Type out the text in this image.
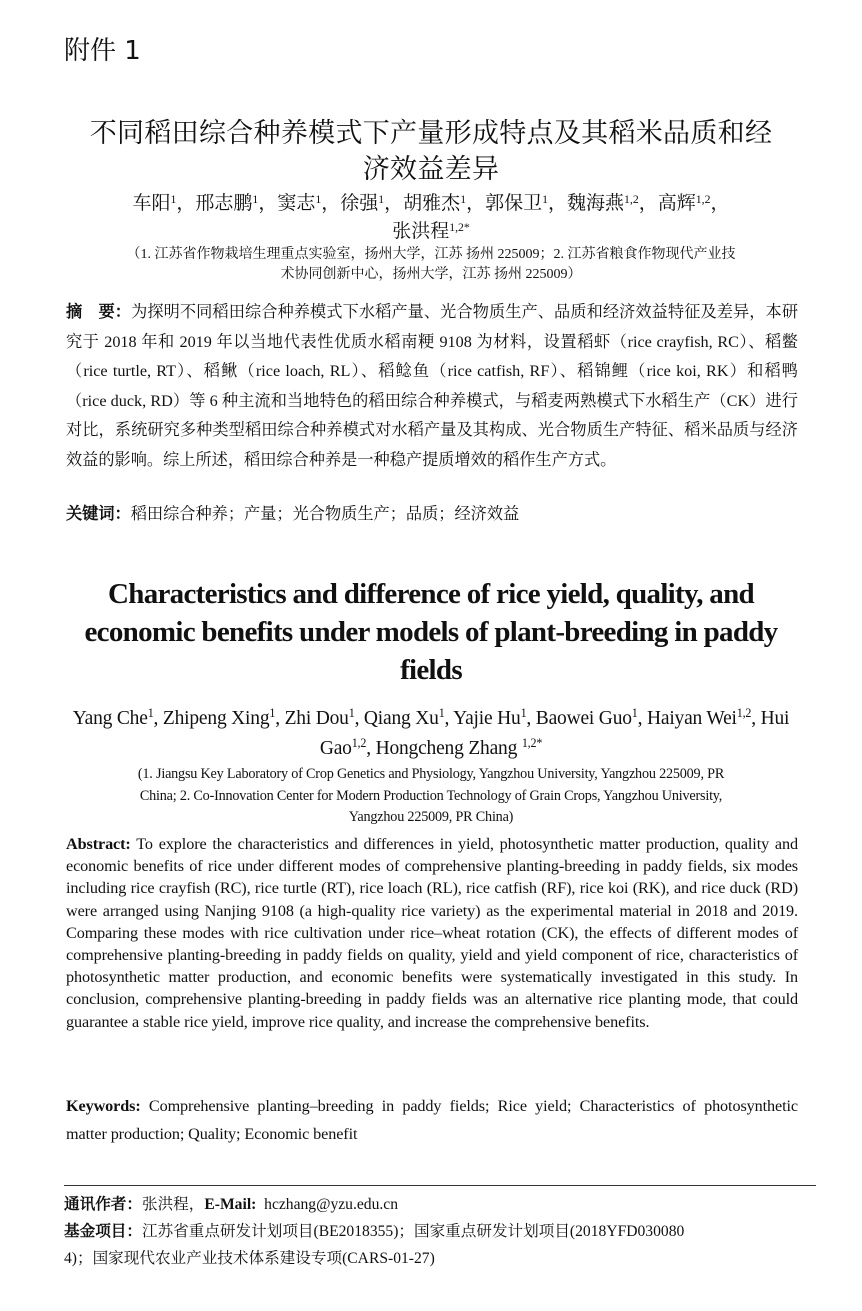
附件 1
不同稻田综合种养模式下产量形成特点及其稻米品质和经
济效益差异
车阳$^1$，邢志鹏$^1$，窦志$^1$，徐强$^1$，胡雅杰$^1$，郭保卫$^1$，魏海燕$^{1,2}$，高辉$^{1,2}$，
张洪程$^{1,2*}$
（1. 江苏省作物栽培生理重点实验室，扬州大学，江苏 扬州 225009；2. 江苏省粮食作物现代产业技
术协同创新中心，扬州大学，江苏 扬州 225009）
摘　要：为探明不同稻田综合种养模式下水稻产量、光合物质生产、品质和经济效益特征及差异，本研究于 2018 年和 2019 年以当地代表性优质水稻南粳 9108 为材料，设置稻虾（rice crayfish, RC）、稻鳖（rice turtle, RT）、稻鳅（rice loach, RL）、稻鲶鱼（rice catfish, RF）、稻锦鲤（rice koi, RK）和稻鸭（rice duck, RD）等 6 种主流和当地特色的稻田综合种养模式，与稻麦两熟模式下水稻生产（CK）进行对比，系统研究多种类型稻田综合种养模式对水稻产量及其构成、光合物质生产特征、稻米品质与经济效益的影响。综上所述，稻田综合种养是一种稳产提质增效的稻作生产方式。
关键词：稻田综合种养；产量；光合物质生产；品质；经济效益
Characteristics and difference of rice yield, quality, and
economic benefits under models of plant-breeding in paddy
fields
Yang Che$^1$, Zhipeng Xing$^1$, Zhi Dou$^1$, Qiang Xu$^1$, Yajie Hu$^1$, Baowei Guo$^1$, Haiyan Wei$^{1,2}$, Hui Gao$^{1,2}$, Hongcheng Zhang $^{1,2*}$
(1. Jiangsu Key Laboratory of Crop Genetics and Physiology, Yangzhou University, Yangzhou 225009, PR
China; 2. Co-Innovation Center for Modern Production Technology of Grain Crops, Yangzhou University,
Yangzhou 225009, PR China)
Abstract: To explore the characteristics and differences in yield, photosynthetic matter production, quality and economic benefits of rice under different modes of comprehensive planting-breeding in paddy fields, six modes including rice crayfish (RC), rice turtle (RT), rice loach (RL), rice catfish (RF), rice koi (RK), and rice duck (RD) were arranged using Nanjing 9108 (a high-quality rice variety) as the experimental material in 2018 and 2019. Comparing these modes with rice cultivation under rice–wheat rotation (CK), the effects of different modes of comprehensive planting-breeding in paddy fields on quality, yield and yield component of rice, characteristics of photosynthetic matter production, and economic benefits were systematically investigated in this study. In conclusion, comprehensive planting-breeding in paddy fields was an alternative rice planting mode, that could guarantee a stable rice yield, improve rice quality, and increase the comprehensive benefits.
Keywords: Comprehensive planting–breeding in paddy fields; Rice yield; Characteristics of photosynthetic matter production; Quality; Economic benefit
通讯作者：张洪程，E-Mail: hczhang@yzu.edu.cn
基金项目：江苏省重点研发计划项目(BE2018355)；国家重点研发计划项目(2018YFD030080
4)；国家现代农业产业技术体系建设专项(CARS-01-27)
